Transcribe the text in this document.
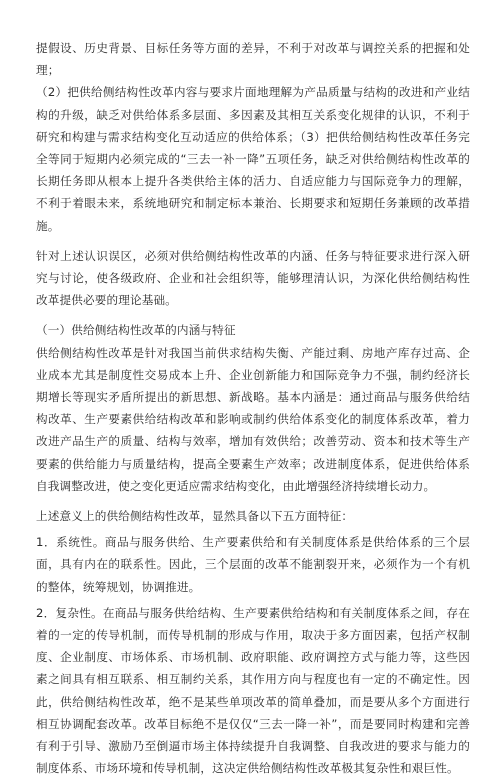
提假设、历史背景、目标任务等方面的差异，不利于对改革与调控关系的把握和处理；

（2）把供给侧结构性改革内容与要求片面地理解为产品质量与结构的改进和产业结构的升级，缺乏对供给体系多层面、多因素及其相互关系变化规律的认识，不利于研究和构建与需求结构变化互动适应的供给体系；（3）把供给侧结构性改革任务完全等同于短期内必须完成的“三去一补一降”五项任务，缺乏对供给侧结构性改革的长期任务即从根本上提升各类供给主体的活力、自适应能力与国际竞争力的理解，不利于着眼未来，系统地研究和制定标本兼治、长期要求和短期任务兼顾的改革措施。

针对上述认识误区，必须对供给侧结构性改革的内涵、任务与特征要求进行深入研究与讨论，使各级政府、企业和社会组织等，能够理清认识，为深化供给侧结构性改革提供必要的理论基础。

（一）供给侧结构性改革的内涵与特征

供给侧结构性改革是针对我国当前供求结构失衡、产能过剩、房地产库存过高、企业成本尤其是制度性交易成本上升、企业创新能力和国际竞争力不强，制约经济长期增长等现实矛盾所提出的新思想、新战略。基本内涵是：通过商品与服务供给结构改革、生产要素供给结构改革和影响或制约供给体系变化的制度体系改革，着力改进产品生产的质量、结构与效率，增加有效供给；改善劳动、资本和技术等生产要素的供给能力与质量结构，提高全要素生产效率；改进制度体系，促进供给体系自我调整改进，使之变化更适应需求结构变化，由此增强经济持续增长动力。

上述意义上的供给侧结构性改革，显然具备以下五方面特征：

1．系统性。商品与服务供给、生产要素供给和有关制度体系是供给体系的三个层面，具有内在的联系性。因此，三个层面的改革不能割裂开来，必须作为一个有机的整体，统筹规划，协调推进。

2．复杂性。在商品与服务供给结构、生产要素供给结构和有关制度体系之间，存在着的一定的传导机制，而传导机制的形成与作用，取决于多方面因素，包括产权制度、企业制度、市场体系、市场机制、政府职能、政府调控方式与能力等，这些因素之间具有相互联系、相互制约关系，其作用方向与程度也有一定的不确定性。因此，供给侧结构性改革，绝不是某些单项改革的简单叠加，而是要从多个方面进行相互协调配套改革。改革目标绝不是仅仅“三去一降一补”，而是要同时构建和完善有利于引导、激励乃至倒逼市场主体持续提升自我调整、自我改进的要求与能力的制度体系、市场环境和传导机制，这决定供给侧结构性改革极其复杂性和艰巨性。
